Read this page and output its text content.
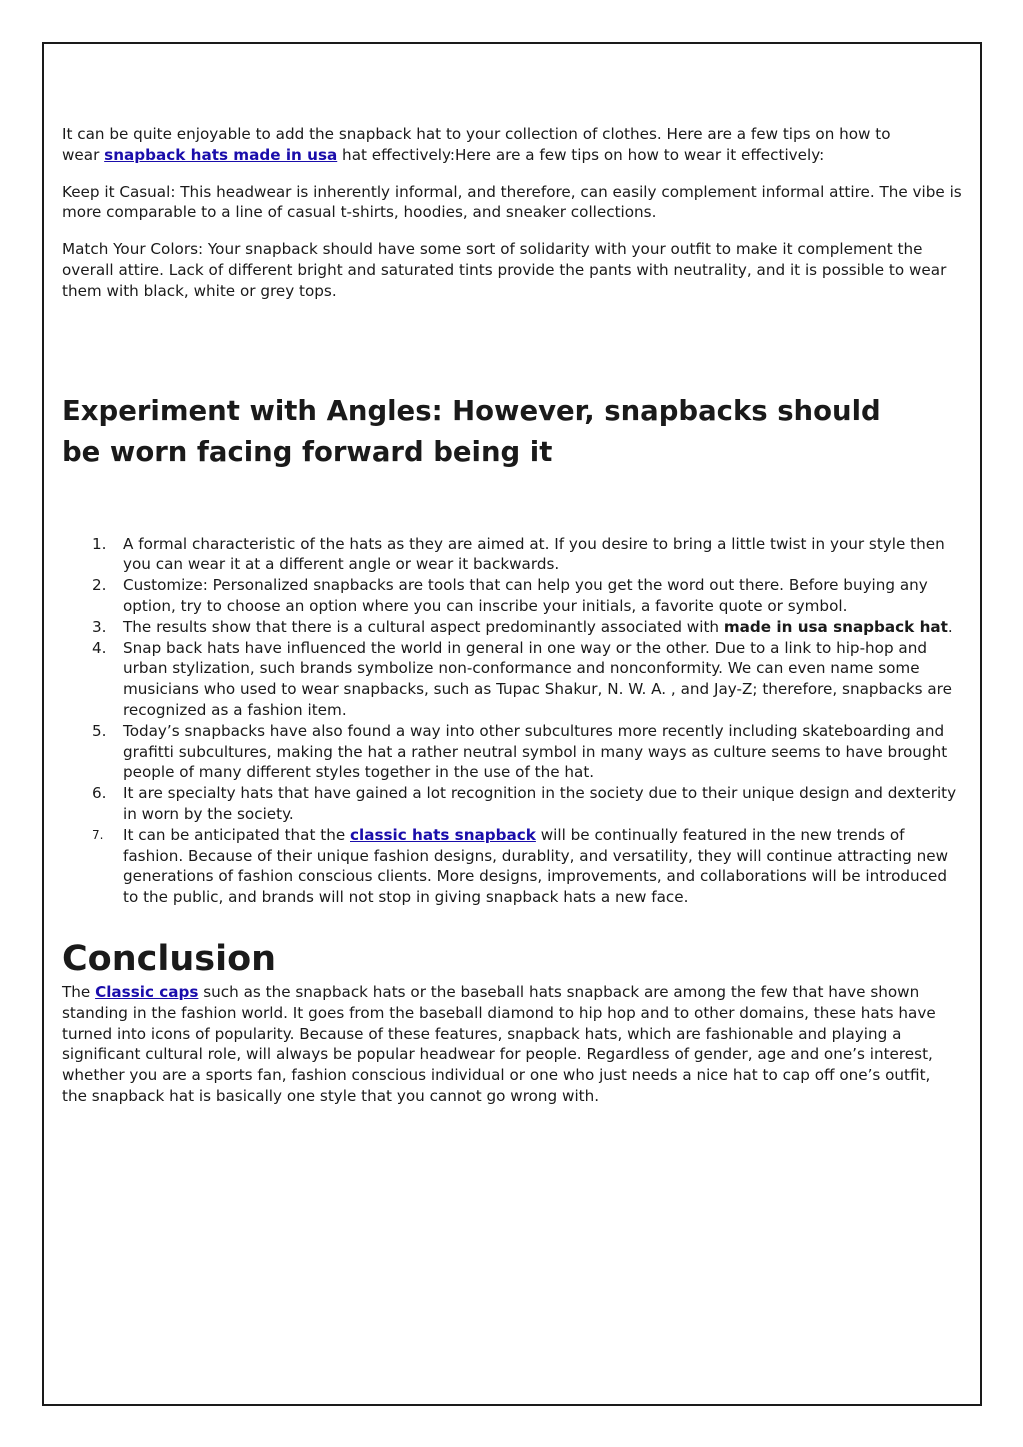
It can be quite enjoyable to add the snapback hat to your collection of clothes. Here are a few tips on how to wear snapback hats made in usa hat effectively:Here are a few tips on how to wear it effectively:

Keep it Casual: This headwear is inherently informal, and therefore, can easily complement informal attire. The vibe is more comparable to a line of casual t-shirts, hoodies, and sneaker collections.

Match Your Colors: Your snapback should have some sort of solidarity with your outfit to make it complement the overall attire. Lack of different bright and saturated tints provide the pants with neutrality, and it is possible to wear them with black, white or grey tops.

Experiment with Angles: However, snapbacks should be worn facing forward being it
1. A formal characteristic of the hats as they are aimed at. If you desire to bring a little twist in your style then you can wear it at a different angle or wear it backwards.
2. Customize: Personalized snapbacks are tools that can help you get the word out there. Before buying any option, try to choose an option where you can inscribe your initials, a favorite quote or symbol.
3. The results show that there is a cultural aspect predominantly associated with made in usa snapback hat.
4. Snap back hats have influenced the world in general in one way or the other. Due to a link to hip-hop and urban stylization, such brands symbolize non-conformance and nonconformity. We can even name some musicians who used to wear snapbacks, such as Tupac Shakur, N. W. A. , and Jay-Z; therefore, snapbacks are recognized as a fashion item.
5. Today’s snapbacks have also found a way into other subcultures more recently including skateboarding and grafitti subcultures, making the hat a rather neutral symbol in many ways as culture seems to have brought people of many different styles together in the use of the hat.
6. It are specialty hats that have gained a lot recognition in the society due to their unique design and dexterity in worn by the society.
7. It can be anticipated that the classic hats snapback will be continually featured in the new trends of fashion. Because of their unique fashion designs, durablity, and versatility, they will continue attracting new generations of fashion conscious clients. More designs, improvements, and collaborations will be introduced to the public, and brands will not stop in giving snapback hats a new face.
Conclusion

The Classic caps such as the snapback hats or the baseball hats snapback are among the few that have shown standing in the fashion world. It goes from the baseball diamond to hip hop and to other domains, these hats have turned into icons of popularity. Because of these features, snapback hats, which are fashionable and playing a significant cultural role, will always be popular headwear for people. Regardless of gender, age and one’s interest, whether you are a sports fan, fashion conscious individual or one who just needs a nice hat to cap off one’s outfit, the snapback hat is basically one style that you cannot go wrong with.
